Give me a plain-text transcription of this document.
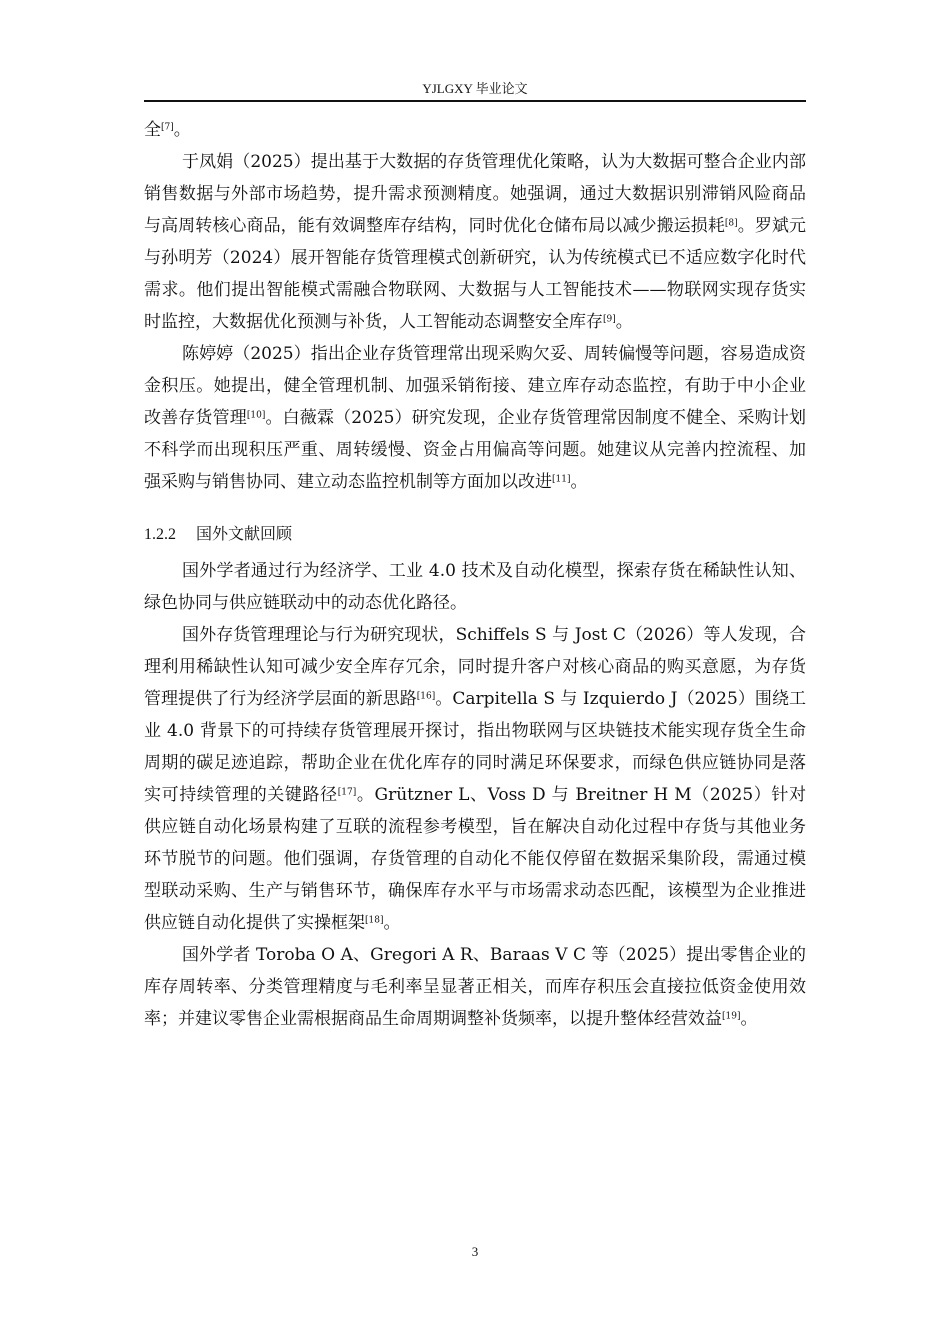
YJLGXY 毕业论文

全[7]。

于凤娟（2025）提出基于大数据的存货管理优化策略，认为大数据可整合企业内部销售数据与外部市场趋势，提升需求预测精度。她强调，通过大数据识别滞销风险商品与高周转核心商品，能有效调整库存结构，同时优化仓储布局以减少搬运损耗[8]。罗斌元与孙明芳（2024）展开智能存货管理模式创新研究，认为传统模式已不适应数字化时代需求。他们提出智能模式需融合物联网、大数据与人工智能技术——物联网实现存货实时监控，大数据优化预测与补货，人工智能动态调整安全库存[9]。

陈婷婷（2025）指出企业存货管理常出现采购欠妥、周转偏慢等问题，容易造成资金积压。她提出，健全管理机制、加强采销衔接、建立库存动态监控，有助于中小企业改善存货管理[10]。白薇霖（2025）研究发现，企业存货管理常因制度不健全、采购计划不科学而出现积压严重、周转缓慢、资金占用偏高等问题。她建议从完善内控流程、加强采购与销售协同、建立动态监控机制等方面加以改进[11]。

1.2.2 国外文献回顾

国外学者通过行为经济学、工业 4.0 技术及自动化模型，探索存货在稀缺性认知、绿色协同与供应链联动中的动态优化路径。

国外存货管理理论与行为研究现状，Schiffels S 与 Jost C（2026）等人发现，合理利用稀缺性认知可减少安全库存冗余，同时提升客户对核心商品的购买意愿，为存货管理提供了行为经济学层面的新思路[16]。Carpitella S 与 Izquierdo J（2025）围绕工业 4.0 背景下的可持续存货管理展开探讨，指出物联网与区块链技术能实现存货全生命周期的碳足迹追踪，帮助企业在优化库存的同时满足环保要求，而绿色供应链协同是落实可持续管理的关键路径[17]。Grützner L、Voss D 与 Breitner H M（2025）针对供应链自动化场景构建了互联的流程参考模型，旨在解决自动化过程中存货与其他业务环节脱节的问题。他们强调，存货管理的自动化不能仅停留在数据采集阶段，需通过模型联动采购、生产与销售环节，确保库存水平与市场需求动态匹配，该模型为企业推进供应链自动化提供了实操框架[18]。

国外学者 Toroba O A、Gregori A R、Baraas V C 等（2025）提出零售企业的库存周转率、分类管理精度与毛利率呈显著正相关，而库存积压会直接拉低资金使用效率；并建议零售企业需根据商品生命周期调整补货频率，以提升整体经营效益[19]。

3
